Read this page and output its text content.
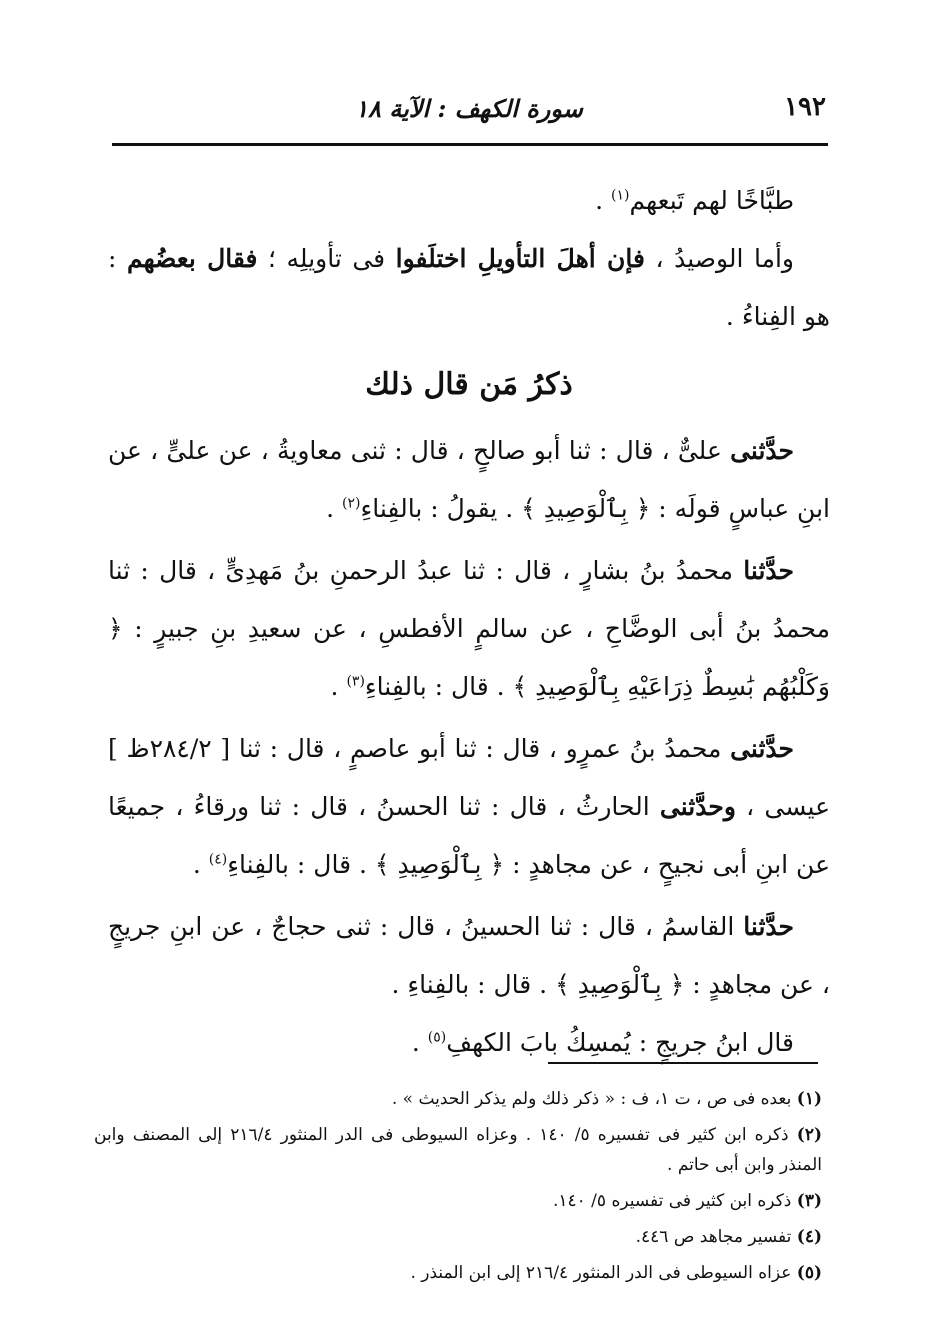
١٩٢
سورة الكهف : الآية ١٨

طبَّاخًا لهم تَبعهم$^{(١)}$ .

وأما الوصيدُ ، فإن أهلَ التأويلِ اختلَفوا فى تأويلِه ؛ فقال بعضُهم : هو الفِناءُ .

ذكرُ مَن قال ذلك

حدَّثنى علىٌّ ، قال : ثنا أبو صالحٍ ، قال : ثنى معاويةُ ، عن علىٍّ ، عن ابنِ عباسٍ قولَه : ﴿ بِٱلْوَصِيدِ ﴾ . يقولُ : بالفِناءِ$^{(٢)}$ .

حدَّثنا محمدُ بنُ بشارٍ ، قال : ثنا عبدُ الرحمنِ بنُ مَهدِىٍّ ، قال : ثنا محمدُ بنُ أبى الوضَّاحِ ، عن سالمٍ الأفطسِ ، عن سعيدِ بنِ جبيرٍ : ﴿ وَكَلْبُهُم بَٰسِطٌ ذِرَاعَيْهِ بِٱلْوَصِيدِ ﴾ . قال : بالفِناءِ$^{(٣)}$ .

حدَّثنى محمدُ بنُ عمرٍو ، قال : ثنا أبو عاصمٍ ، قال : ثنا [ ٢٨٤/٢ظ ] عيسى ، وحدَّثنى الحارثُ ، قال : ثنا الحسنُ ، قال : ثنا ورقاءُ ، جميعًا عن ابنِ أبى نجيحٍ ، عن مجاهدٍ : ﴿ بِٱلْوَصِيدِ ﴾ . قال : بالفِناءِ$^{(٤)}$ .

حدَّثنا القاسمُ ، قال : ثنا الحسينُ ، قال : ثنى حجاجٌ ، عن ابنِ جريجٍ ، عن مجاهدٍ : ﴿ بِٱلْوَصِيدِ ﴾ . قال : بالفِناءِ .

قال ابنُ جريجٍ : يُمسِكُ بابَ الكهفِ$^{(٥)}$ .

(١) بعده فى ص ، ت ١، ف : « ذكر ذلك ولم يذكر الحديث » .

(٢) ذكره ابن كثير فى تفسيره ٥/ ١٤٠ . وعزاه السيوطى فى الدر المنثور ٢١٦/٤ إلى المصنف وابن المنذر وابن أبى حاتم .

(٣) ذكره ابن كثير فى تفسيره ٥/ ١٤٠.

(٤) تفسير مجاهد ص ٤٤٦.

(٥) عزاه السيوطى فى الدر المنثور ٢١٦/٤ إلى ابن المنذر .
